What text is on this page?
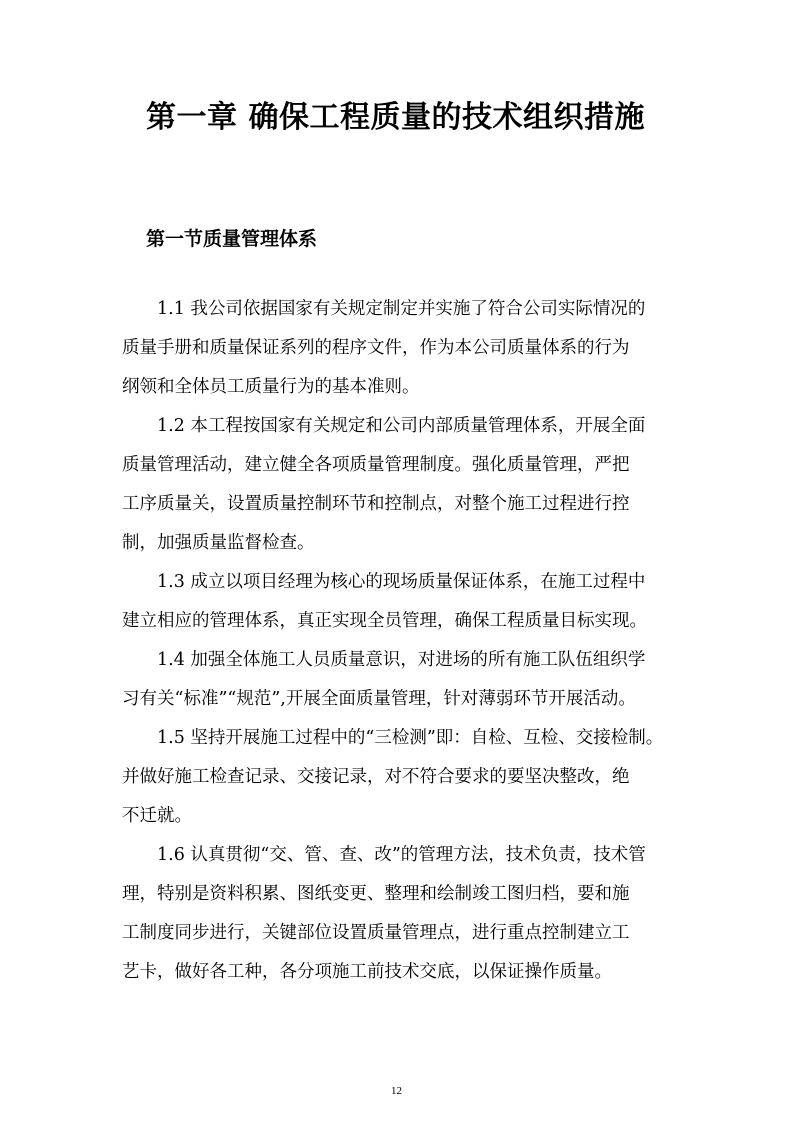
第一章 确保工程质量的技术组织措施
第一节质量管理体系

1.1 我公司依据国家有关规定制定并实施了符合公司实际情况的
质量手册和质量保证系列的程序文件，作为本公司质量体系的行为
纲领和全体员工质量行为的基本准则。

1.2 本工程按国家有关规定和公司内部质量管理体系，开展全面
质量管理活动，建立健全各项质量管理制度。强化质量管理，严把
工序质量关，设置质量控制环节和控制点，对整个施工过程进行控
制，加强质量监督检查。

1.3 成立以项目经理为核心的现场质量保证体系，在施工过程中
建立相应的管理体系，真正实现全员管理，确保工程质量目标实现。

1.4 加强全体施工人员质量意识，对进场的所有施工队伍组织学
习有关“标准”“规范”,开展全面质量管理，针对薄弱环节开展活动。

1.5 坚持开展施工过程中的“三检测”即：自检、互检、交接检制。
并做好施工检查记录、交接记录，对不符合要求的要坚决整改，绝
不迁就。

1.6 认真贯彻“交、管、查、改”的管理方法，技术负责，技术管
理，特别是资料积累、图纸变更、整理和绘制竣工图归档，要和施
工制度同步进行，关键部位设置质量管理点，进行重点控制建立工
艺卡，做好各工种，各分项施工前技术交底，以保证操作质量。

12
